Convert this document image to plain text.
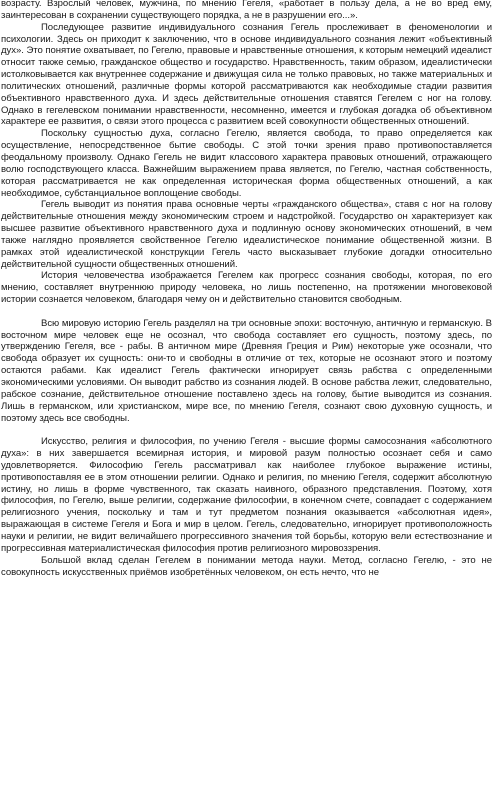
возрасту. Взрослый человек, мужчина, по мнению Гегеля, «работает в пользу дела, а не во вред ему, заинтересован в сохранении существующего порядка, а не в разрушении его...».

Последующее развитие индивидуального сознания Гегель прослеживает в феноменологии и психологии. Здесь он приходит к заключению, что в основе индивидуального сознания лежит «объективный дух». Это понятие охватывает, по Гегелю, правовые и нравственные отношения, к которым немецкий идеалист относит также семью, гражданское общество и государство. Нравственность, таким образом, идеалистически истолковывается как внутреннее содержание и движущая сила не только правовых, но также материальных и политических отношений, различные формы которой рассматриваются как необходимые стадии развития объективного нравственного духа. И здесь действительные отношения ставятся Гегелем с ног на голову. Однако в гегелевском понимании нравственности, несомненно, имеется и глубокая догадка об объективном характере ее развития, о связи этого процесса с развитием всей совокупности общественных отношений.

Поскольку сущностью духа, согласно Гегелю, является свобода, то право определяется как осуществление, непосредственное бытие свободы. С этой точки зрения право противопоставляется феодальному произволу. Однако Гегель не видит классового характера правовых отношений, отражающего волю господствующего класса. Важнейшим выражением права является, по Гегелю, частная собственность, которая рассматривается не как определенная историческая форма общественных отношений, а как необходимое, субстанциальное воплощение свободы.

Гегель выводит из понятия права основные черты «гражданского общества», ставя с ног на голову действительные отношения между экономическим строем и надстройкой. Государство он характеризует как высшее развитие объективного нравственного духа и подлинную основу экономических отношений, в чем также наглядно проявляется свойственное Гегелю идеалистическое понимание общественной жизни. В рамках этой идеалистической конструкции Гегель часто высказывает глубокие догадки относительно действительной сущности общественных отношений.

История человечества изображается Гегелем как прогресс сознания свободы, которая, по его мнению, составляет внутреннюю природу человека, но лишь постепенно, на протяжении многовековой истории сознается человеком, благодаря чему он и действительно становится свободным.

Всю мировую историю Гегель разделял на три основные эпохи: восточную, античную и германскую. В восточном мире человек еще не осознал, что свобода составляет его сущность, поэтому здесь, по утверждению Гегеля, все - рабы. В античном мире (Древняя Греция и Рим) некоторые уже осознали, что свобода образует их сущность: они-то и свободны в отличие от тех, которые не осознают этого и поэтому остаются рабами. Как идеалист Гегель фактически игнорирует связь рабства с определенными экономическими условиями. Он выводит рабство из сознания людей. В основе рабства лежит, следовательно, рабское сознание, действительное отношение поставлено здесь на голову, бытие выводится из сознания. Лишь в германском, или христианском, мире все, по мнению Гегеля, сознают свою духовную сущность, и поэтому здесь все свободны.

Искусство, религия и философия, по учению Гегеля - высшие формы самосознания «абсолютного духа»: в них завершается всемирная история, и мировой разум полностью осознает себя и само удовлетворяется. Философию Гегель рассматривал как наиболее глубокое выражение истины, противопоставляя ее в этом отношении религии. Однако и религия, по мнению Гегеля, содержит абсолютную истину, но лишь в форме чувственного, так сказать наивного, образного представления. Поэтому, хотя философия, по Гегелю, выше религии, содержание философии, в конечном счете, совпадает с содержанием религиозного учения, поскольку и там и тут предметом познания оказывается «абсолютная идея», выражающая в системе Гегеля и Бога и мир в целом. Гегель, следовательно, игнорирует противоположность науки и религии, не видит величайшего прогрессивного значения той борьбы, которую вели естествознание и прогрессивная материалистическая философия против религиозного мировоззрения.

Большой вклад сделан Гегелем в понимании метода науки. Метод, согласно Гегелю, - это не совокупность искусственных приёмов изобретённых человеком, он есть нечто, что не
